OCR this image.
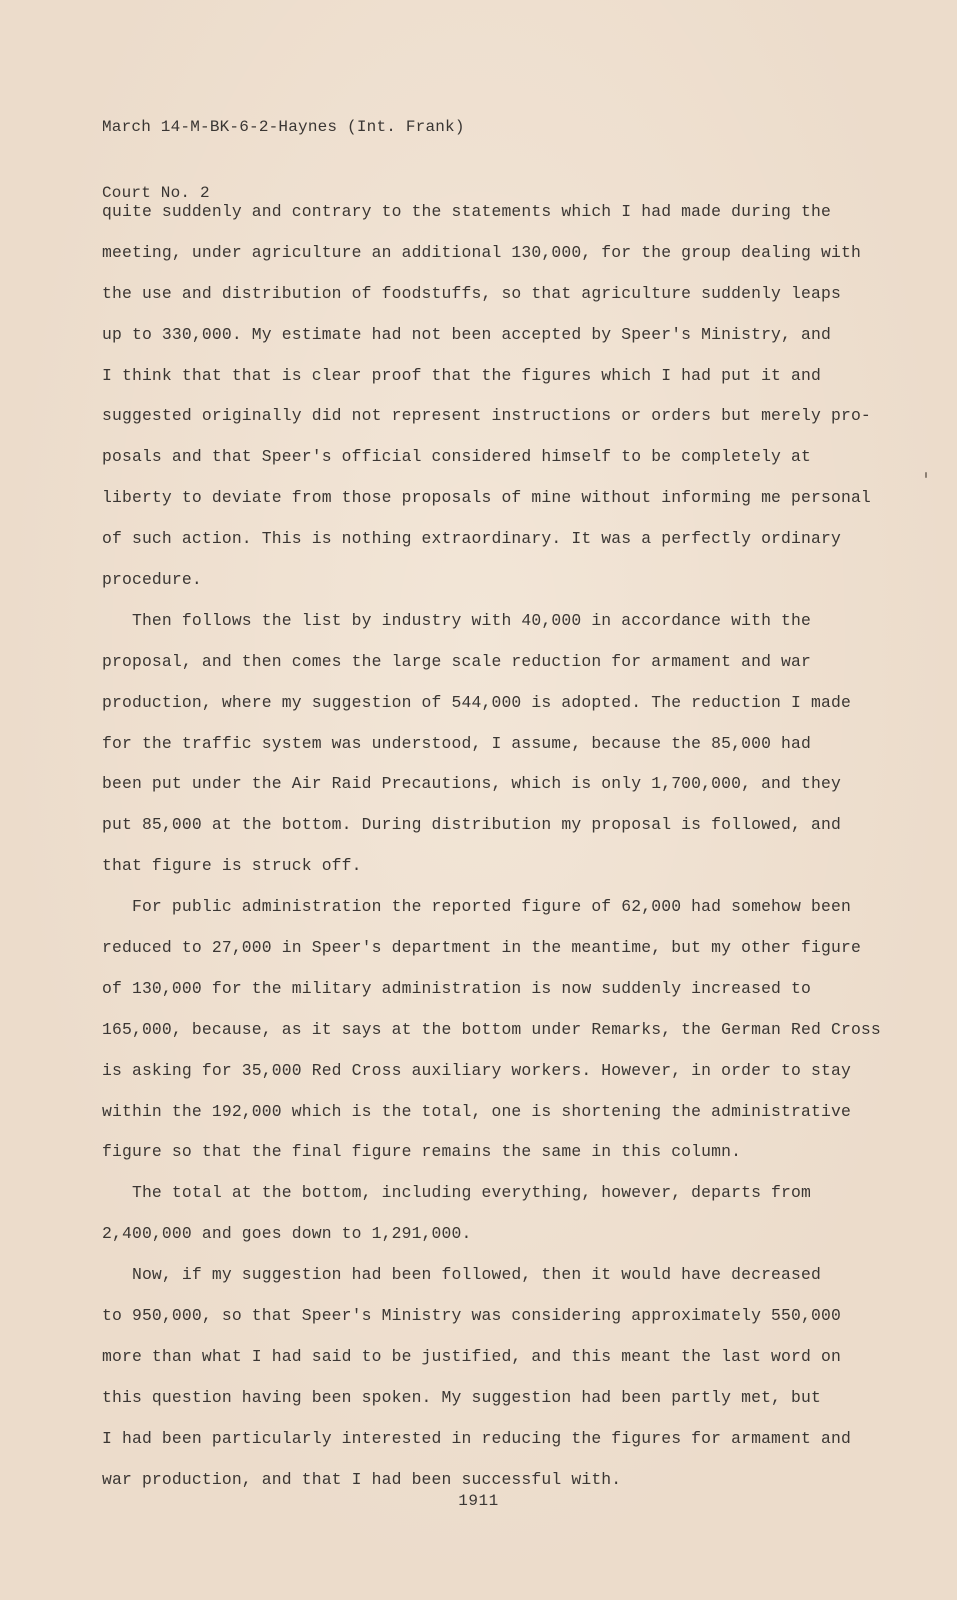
March 14-M-BK-6-2-Haynes (Int. Frank)

Court No. 2

quite suddenly and contrary to the statements which I had made during the
meeting, under agriculture an additional 130,000, for the group dealing with
the use and distribution of foodstuffs, so that agriculture suddenly leaps
up to 330,000. My estimate had not been accepted by Speer's Ministry, and
I think that that is clear proof that the figures which I had put it and
suggested originally did not represent instructions or orders but merely pro-
posals and that Speer's official considered himself to be completely at
liberty to deviate from those proposals of mine without informing me personal
of such action. This is nothing extraordinary. It was a perfectly ordinary
procedure.
Then follows the list by industry with 40,000 in accordance with the
proposal, and then comes the large scale reduction for armament and war
production, where my suggestion of 544,000 is adopted. The reduction I made
for the traffic system was understood, I assume, because the 85,000 had
been put under the Air Raid Precautions, which is only 1,700,000, and they
put 85,000 at the bottom. During distribution my proposal is followed, and
that figure is struck off.
For public administration the reported figure of 62,000 had somehow been
reduced to 27,000 in Speer's department in the meantime, but my other figure
of 130,000 for the military administration is now suddenly increased to
165,000, because, as it says at the bottom under Remarks, the German Red Cross
is asking for 35,000 Red Cross auxiliary workers. However, in order to stay
within the 192,000 which is the total, one is shortening the administrative
figure so that the final figure remains the same in this column.
The total at the bottom, including everything, however, departs from
2,400,000 and goes down to 1,291,000.
Now, if my suggestion had been followed, then it would have decreased
to 950,000, so that Speer's Ministry was considering approximately 550,000
more than what I had said to be justified, and this meant the last word on
this question having been spoken. My suggestion had been partly met, but
I had been particularly interested in reducing the figures for armament and
war production, and that I had been successful with.
1911
